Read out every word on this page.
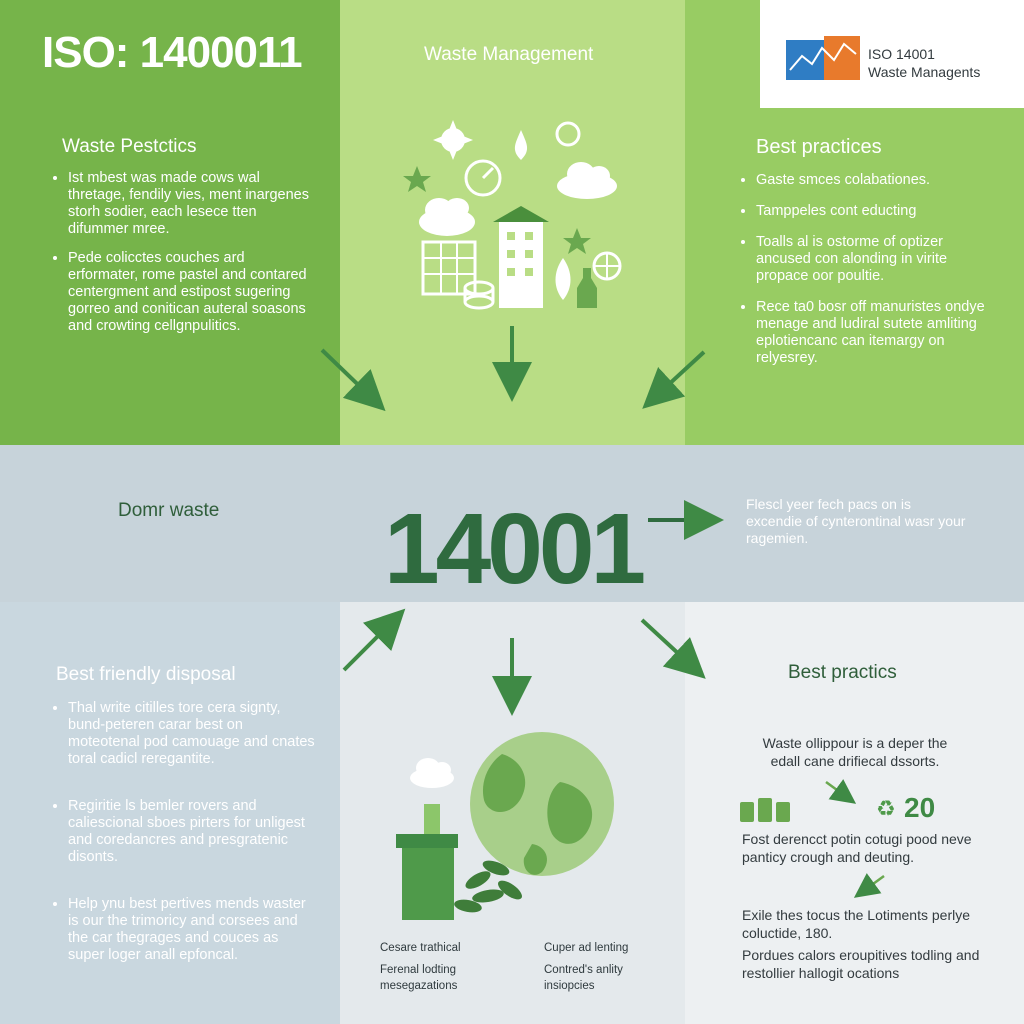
ISO: 1400011	Waste Management	ISO 14001
Waste Managents
Waste Pestctics
• Ist mbest was made cows wal thretage, fendily vies, ment inargenes storh sodier, each lesece tten difummer mree.
• Pede colicctes couches ard erformater, rome pastel and contared centergment and estipost sugering gorreo and conitican auteral soasons and crowting cellgnpulitics.
Best practices
• Gaste smces colabationes.
• Tamppeles cont educting
• Toalls al is ostorme of optizer ancused con alonding in virite propace oor poultie.
• Rece ta0 bosr off manuristes ondye menage and ludiral sutete amliting eplotiencanc can itemargy on relyesrey.
Domr waste 14001	Flescl yeer fech pacs on is excendie of cynterontinal wasr your ragemien.
Best friendly disposal
• Thal write citilles tore cera signty, bund-peteren carar best on moteotenal pod camouage and cnates toral cadicl reregantite.
• Regiritie ls bemler rovers and caliescional sboes pirters for unligest and coredancres and presgratenic disonts.
• Help ynu best pertives mends waster is our the trimoricy and corsees and the car thegrages and couces as super loger anall epfoncal.	Cesare trathical
Ferenal lodting
mesegazations
Cuper ad lenting
Contred's anlity
insiopcies
Best practics
Waste ollippour is a deper the edall cane drifiecal dssorts.
♻ 20
Fost derencct potin cotugi pood neve panticy crough and deuting.
Exile thes tocus the Lotiments perlye coluctide, 180.
Pordues calors eroupitives todling and restollier hallogit ocations
